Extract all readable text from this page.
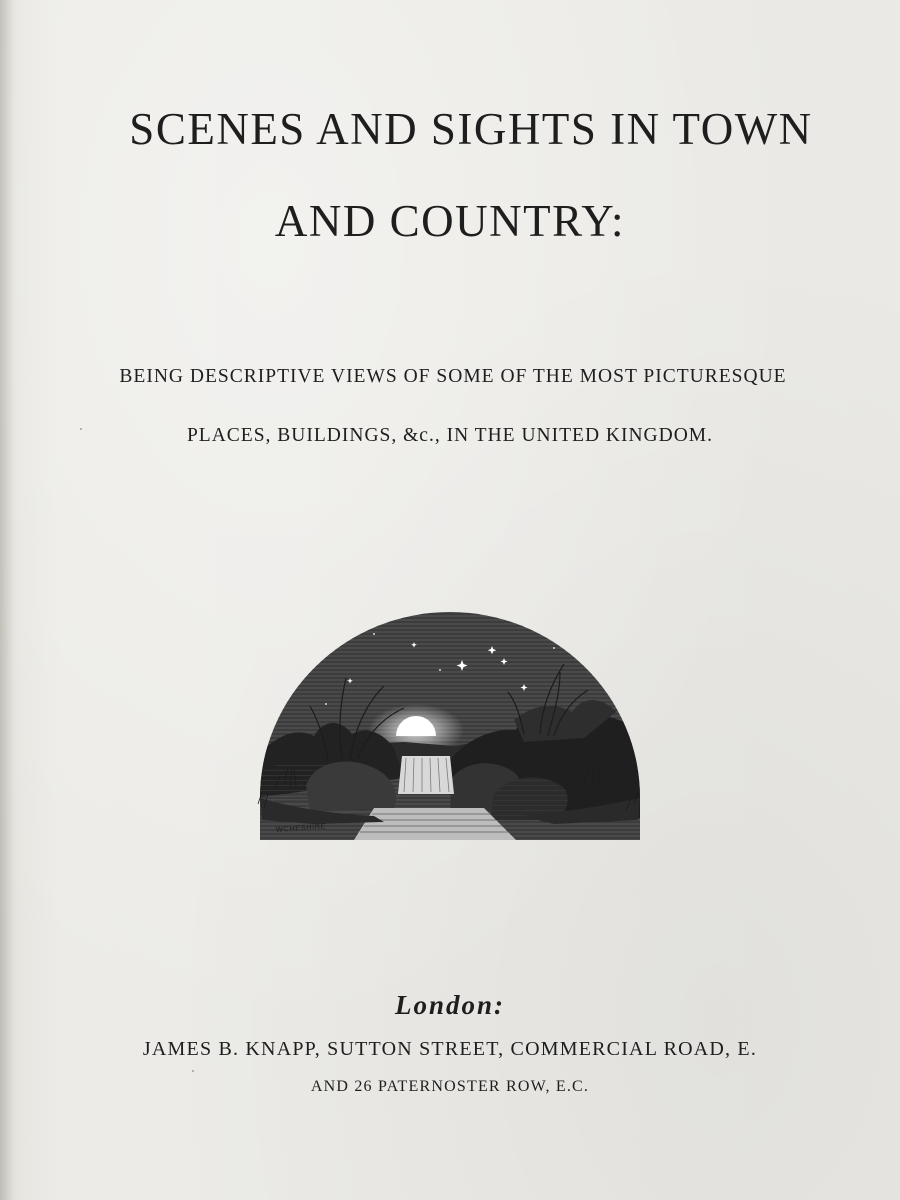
SCENES AND SIGHTS IN TOWN
AND COUNTRY:
BEING DESCRIPTIVE VIEWS OF SOME OF THE MOST PICTURESQUE
PLACES, BUILDINGS, &c., IN THE UNITED KINGDOM.
WCHESHIRE
London:
JAMES B. KNAPP, SUTTON STREET, COMMERCIAL ROAD, E.
AND 26 PATERNOSTER ROW, E.C.
